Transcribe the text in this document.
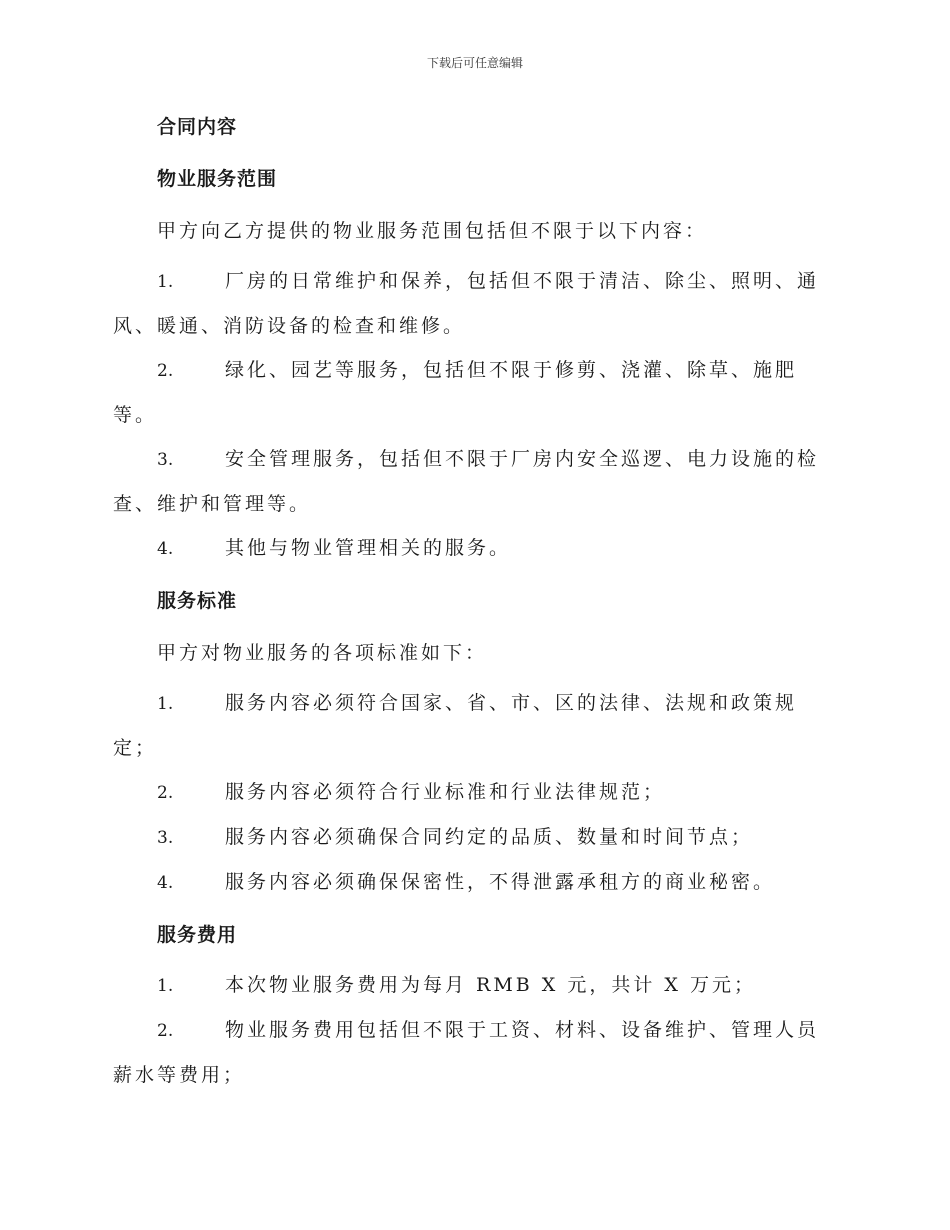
下载后可任意编辑
合同内容
物业服务范围
甲方向乙方提供的物业服务范围包括但不限于以下内容：
1.	厂房的日常维护和保养，包括但不限于清洁、除尘、照明、通风、暖通、消防设备的检查和维修。
2.	绿化、园艺等服务，包括但不限于修剪、浇灌、除草、施肥等。
3.	安全管理服务，包括但不限于厂房内安全巡逻、电力设施的检查、维护和管理等。
4.	其他与物业管理相关的服务。
服务标准
甲方对物业服务的各项标准如下：
1.	服务内容必须符合国家、省、市、区的法律、法规和政策规定；
2.	服务内容必须符合行业标准和行业法律规范；
3.	服务内容必须确保合同约定的品质、数量和时间节点；
4.	服务内容必须确保保密性，不得泄露承租方的商业秘密。
服务费用
1.	本次物业服务费用为每月 RMB X 元，共计 X 万元；
2.	物业服务费用包括但不限于工资、材料、设备维护、管理人员薪水等费用；
